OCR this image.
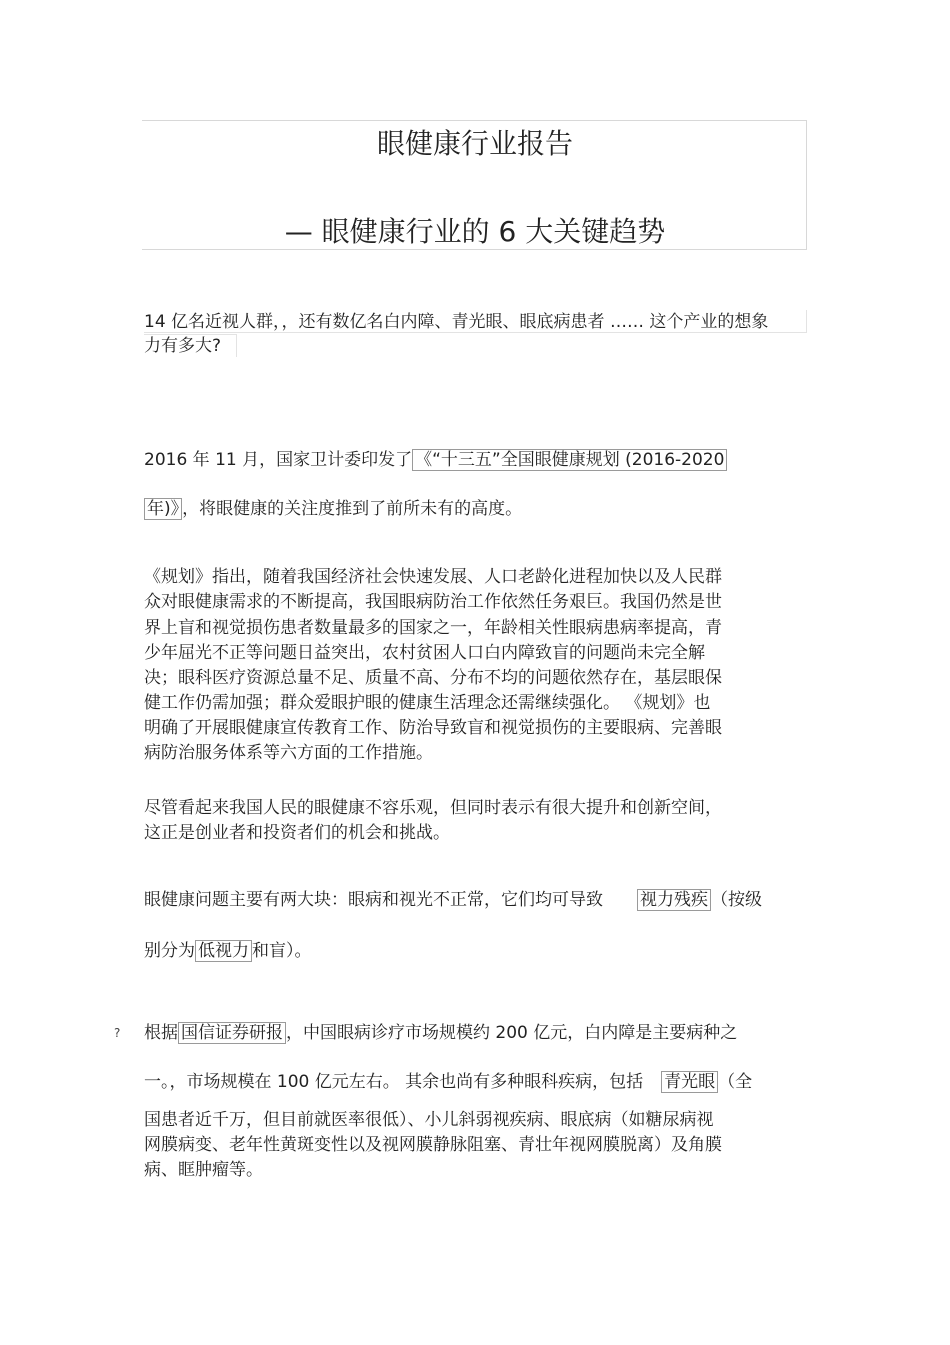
眼健康行业报告
— 眼健康行业的 6 大关键趋势
14 亿名近视人群，，还有数亿名白内障、青光眼、眼底病患者 …… 这个产业的想象
力有多大?
2016 年 11 月，国家卫计委印发了 《“十三五”全国眼健康规划 (2016-2020
年)》 ，将眼健康的关注度推到了前所未有的高度。
《规划》指出，随着我国经济社会快速发展、人口老龄化进程加快以及人民群
众对眼健康需求的不断提高，我国眼病防治工作依然任务艰巨。我国仍然是世
界上盲和视觉损伤患者数量最多的国家之一，年龄相关性眼病患病率提高，青
少年屈光不正等问题日益突出，农村贫困人口白内障致盲的问题尚未完全解
决；眼科医疗资源总量不足、质量不高、分布不均的问题依然存在，基层眼保
健工作仍需加强；群众爱眼护眼的健康生活理念还需继续强化。 《规划》也
明确了开展眼健康宣传教育工作、防治导致盲和视觉损伤的主要眼病、完善眼
病防治服务体系等六方面的工作措施。
尽管看起来我国人民的眼健康不容乐观，但同时表示有很大提升和创新空间，
这正是创业者和投资者们的机会和挑战。
眼健康问题主要有两大块：眼病和视光不正常，它们均可导致 视力残疾 （按级
别分为 低视力 和盲）。
? 根据 国信证券研报 ，中国眼病诊疗市场规模约 200 亿元，白内障是主要病种之
一。，市场规模在 100 亿元左右。 其余也尚有多种眼科疾病，包括 青光眼 （全
国患者近千万，但目前就医率很低）、小儿斜弱视疾病、眼底病（如糖尿病视
网膜病变、老年性黄斑变性以及视网膜静脉阻塞、青壮年视网膜脱离）及角膜
病、眶肿瘤等。
